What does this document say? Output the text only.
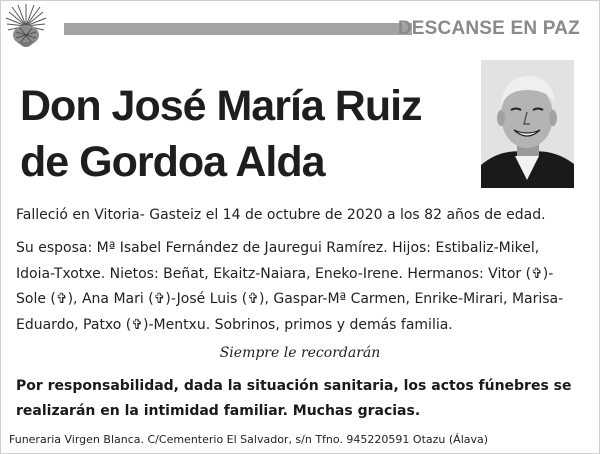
DESCANSE EN PAZ
Don José María Ruiz
de Gordoa Alda
Falleció en Vitoria- Gasteiz el 14 de octubre de 2020 a los 82 años de edad.
Su esposa: Mª Isabel Fernández de Jauregui Ramírez. Hijos: Estibaliz-Mikel,
Idoia-Txotxe. Nietos: Beñat, Ekaitz-Naiara, Eneko-Irene. Hermanos: Vitor (✞)-
Sole (✞), Ana Mari (✞)-José Luis (✞), Gaspar-Mª Carmen, Enrike-Mirari, Marisa-
Eduardo, Patxo (✞)-Mentxu. Sobrinos, primos y demás familia.
Siempre le recordarán
Por responsabilidad, dada la situación sanitaria, los actos fúnebres se
realizarán en la intimidad familiar. Muchas gracias.
Funeraria Virgen Blanca. C/Cementerio El Salvador, s/n Tfno. 945220591 Otazu (Álava)
